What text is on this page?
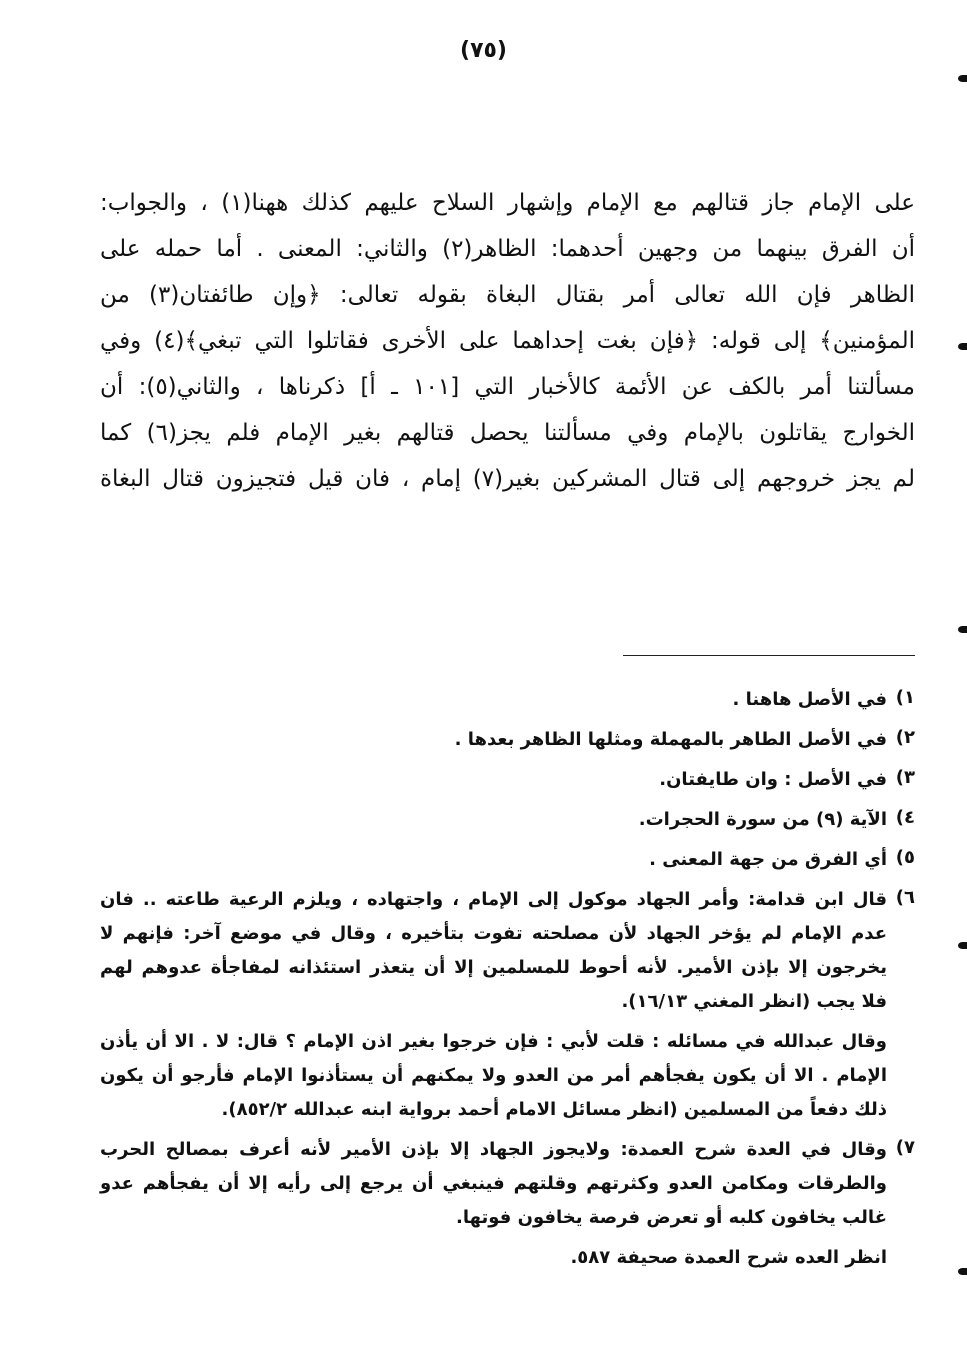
(٧٥)
على الإمام جاز قتالهم مع الإمام وإشهار السلاح عليهم كذلك ههنا(١) ، والجواب:
أن الفرق بينهما من وجهين أحدهما: الظاهر(٢) والثاني: المعنى . أما حمله على
الظاهر فإن الله تعالى أمر بقتال البغاة بقوله تعالى: ﴿وإن طائفتان(٣) من
المؤمنين﴾ إلى قوله: ﴿فإن بغت إحداهما على الأخرى فقاتلوا التي تبغي﴾(٤) وفي
مسألتنا أمر بالكف عن الأئمة كالأخبار التي [١٠١ ـ أ] ذكرناها ، والثاني(٥): أن
الخوارج يقاتلون بالإمام وفي مسألتنا يحصل قتالهم بغير الإمام فلم يجز(٦) كما
لم يجز خروجهم إلى قتال المشركين بغير(٧) إمام ، فان قيل فتجيزون قتال البغاة
١)
في الأصل هاهنا .
٢)
في الأصل الطاهر بالمهملة ومثلها الظاهر بعدها .
٣)
في الأصل : وان طايفتان.
٤)
الآية (٩) من سورة الحجرات.
٥)
أي الفرق من جهة المعنى .
٦)
قال ابن قدامة: وأمر الجهاد موكول إلى الإمام ، واجتهاده ، ويلزم الرعية طاعته .. فان
عدم الإمام لم يؤخر الجهاد لأن مصلحته تفوت بتأخيره ، وقال في موضع آخر: فإنهم لا
يخرجون إلا بإذن الأمير. لأنه أحوط للمسلمين إلا أن يتعذر استئذانه لمفاجأة عدوهم لهم
فلا يجب (انظر المغني ١٦/١٣).
وقال عبدالله في مسائله : قلت لأبي : فإن خرجوا بغير اذن الإمام ؟ قال: لا . الا أن يأذن
الإمام . الا أن يكون يفجأهم أمر من العدو ولا يمكنهم أن يستأذنوا الإمام فأرجو أن يكون
ذلك دفعاً من المسلمين (انظر مسائل الامام أحمد برواية ابنه عبدالله ٨٥٢/٢).
٧)
وقال في العدة شرح العمدة: ولايجوز الجهاد إلا بإذن الأمير لأنه أعرف بمصالح الحرب
والطرقات ومكامن العدو وكثرتهم وقلتهم فينبغي أن يرجع إلى رأيه إلا أن يفجأهم عدو
غالب يخافون كلبه أو تعرض فرصة يخافون فوتها.
انظر العده شرح العمدة صحيفة ٥٨٧.
